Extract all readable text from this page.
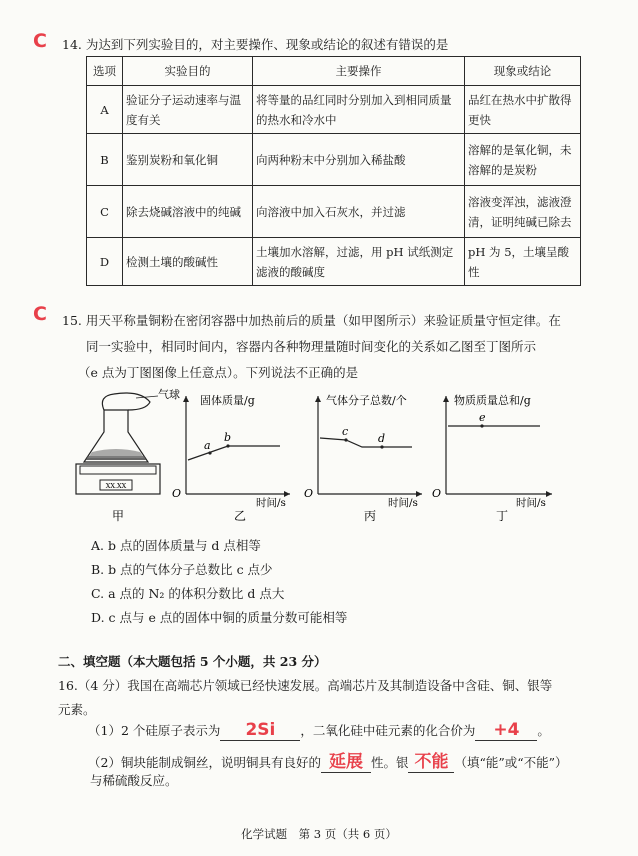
C 14. 为达到下列实验目的，对主要操作、现象或结论的叙述有错误的是
选项	实验目的	主要操作	现象或结论
A	验证分子运动速率与温度有关	将等量的品红同时分别加入到相同质量的热水和冷水中	品红在热水中扩散得更快
B	鉴别炭粉和氧化铜	向两种粉末中分别加入稀盐酸	溶解的是氧化铜，未溶解的是炭粉
C	除去烧碱溶液中的纯碱	向溶液中加入石灰水，并过滤	溶液变浑浊，滤液澄清，证明纯碱已除去
D	检测土壤的酸碱性	土壤加水溶解，过滤，用 pH 试纸测定滤液的酸碱度	pH 为 5，土壤呈酸性
C 15. 用天平称量铜粉在密闭容器中加热前后的质量（如甲图所示）来验证质量守恒定律。在
同一实验中，相同时间内，容器内各种物理量随时间变化的关系如乙图至丁图所示
（e 点为丁图图像上任意点）。下列说法不正确的是
XX.XX
气球
甲
固体质量/g
时间/s
O
a
b
乙
气体分子总数/个
时间/s
O
c
d
丙
物质质量总和/g
时间/s
O
e
丁
A. b 点的固体质量与 d 点相等
B. b 点的气体分子总数比 c 点少
C. a 点的 N₂ 的体积分数比 d 点大
D. c 点与 e 点的固体中铜的质量分数可能相等
二、填空题（本大题包括 5 个小题，共 23 分）
16.（4 分）我国在高端芯片领域已经快速发展。高端芯片及其制造设备中含硅、铜、银等
元素。
（1）2 个硅原子表示为 2Si ，二氧化硅中硅元素的化合价为 +4 。
（2）铜块能制成铜丝，说明铜具有良好的 延展 性。银 不能 （填“能”或“不能”）
与稀硫酸反应。
化学试题　第 3 页（共 6 页）
